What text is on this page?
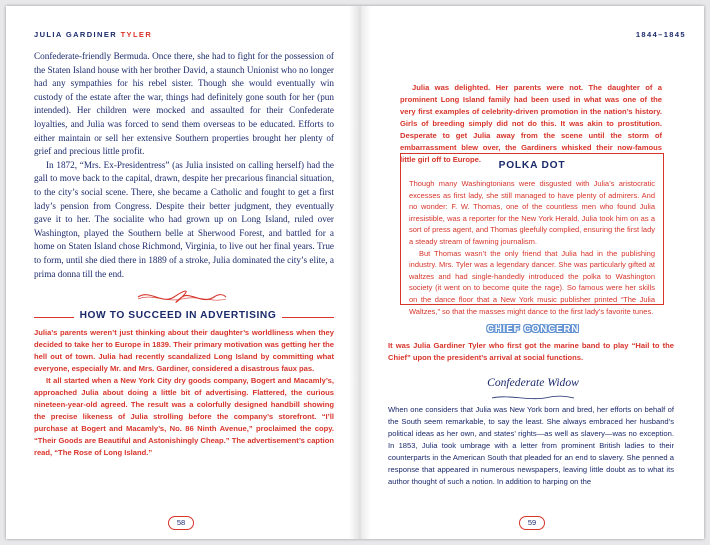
JULIA GARDINER TYLER

Confederate-friendly Bermuda. Once there, she had to fight for the possession of the Staten Island house with her brother David, a staunch Unionist who no longer had any sympathies for his rebel sister. Though she would eventually win custody of the estate after the war, things had definitely gone south for her (pun intended). Her children were mocked and assaulted for their Confederate loyalties, and Julia was forced to send them overseas to be educated. Efforts to either maintain or sell her extensive Southern properties brought her plenty of grief and precious little profit.

In 1872, “Mrs. Ex-Presidentress” (as Julia insisted on calling herself) had the gall to move back to the capital, drawn, despite her precarious financial situation, to the city’s social scene. There, she became a Catholic and fought to get a first lady’s pension from Congress. Despite their better judgment, they eventually gave it to her. The socialite who had grown up on Long Island, ruled over Washington, played the Southern belle at Sherwood Forest, and battled for a home on Staten Island chose Richmond, Virginia, to live out her final years. True to form, until she died there in 1889 of a stroke, Julia dominated the city’s elite, a prima donna till the end.

HOW TO SUCCEED IN ADVERTISING

Julia’s parents weren’t just thinking about their daughter’s worldliness when they decided to take her to Europe in 1839. Their primary motivation was getting her the hell out of town. Julia had recently scandalized Long Island by committing what everyone, especially Mr. and Mrs. Gardiner, considered a disastrous faux pas.

It all started when a New York City dry goods company, Bogert and Macamly’s, approached Julia about doing a little bit of advertising. Flattered, the curious nineteen-year-old agreed. The result was a colorfully designed handbill showing the precise likeness of Julia strolling before the company’s storefront. “I’ll purchase at Bogert and Macamly’s, No. 86 Ninth Avenue,” proclaimed the copy. “Their Goods are Beautiful and Astonishingly Cheap.” The advertisement’s caption read, “The Rose of Long Island.”

58
1844–1845

Julia was delighted. Her parents were not. The daughter of a prominent Long Island family had been used in what was one of the very first examples of celebrity-driven promotion in the nation’s history. Girls of breeding simply did not do this. It was akin to prostitution. Desperate to get Julia away from the scene until the storm of embarrassment blew over, the Gardiners whisked their now-famous little girl off to Europe.

POLKA DOT

Though many Washingtonians were disgusted with Julia’s aristocratic excesses as first lady, she still managed to have plenty of admirers. And no wonder: F. W. Thomas, one of the countless men who found Julia irresistible, was a reporter for the New York Herald. Julia took him on as a sort of press agent, and Thomas gleefully complied, ensuring the first lady a steady stream of fawning journalism.

But Thomas wasn’t the only friend that Julia had in the publishing industry. Mrs. Tyler was a legendary dancer. She was particularly gifted at waltzes and had single-handedly introduced the polka to Washington society (it went on to become quite the rage). So famous were her skills on the dance floor that a New York music publisher printed “The Julia Waltzes,” so that the masses might dance to the first lady’s favorite tunes.

CHIEF CONCERN
It was Julia Gardiner Tyler who first got the marine band to play “Hail to the Chief” upon the president’s arrival at social functions.
Confederate Widow
When one considers that Julia was New York born and bred, her efforts on behalf of the South seem remarkable, to say the least. She always embraced her husband’s political ideas as her own, and states’ rights—as well as slavery—was no exception. In 1853, Julia took umbrage with a letter from prominent British ladies to their counterparts in the American South that pleaded for an end to slavery. She penned a response that appeared in numerous newspapers, leaving little doubt as to what its author thought of such a notion. In addition to harping on the
59
